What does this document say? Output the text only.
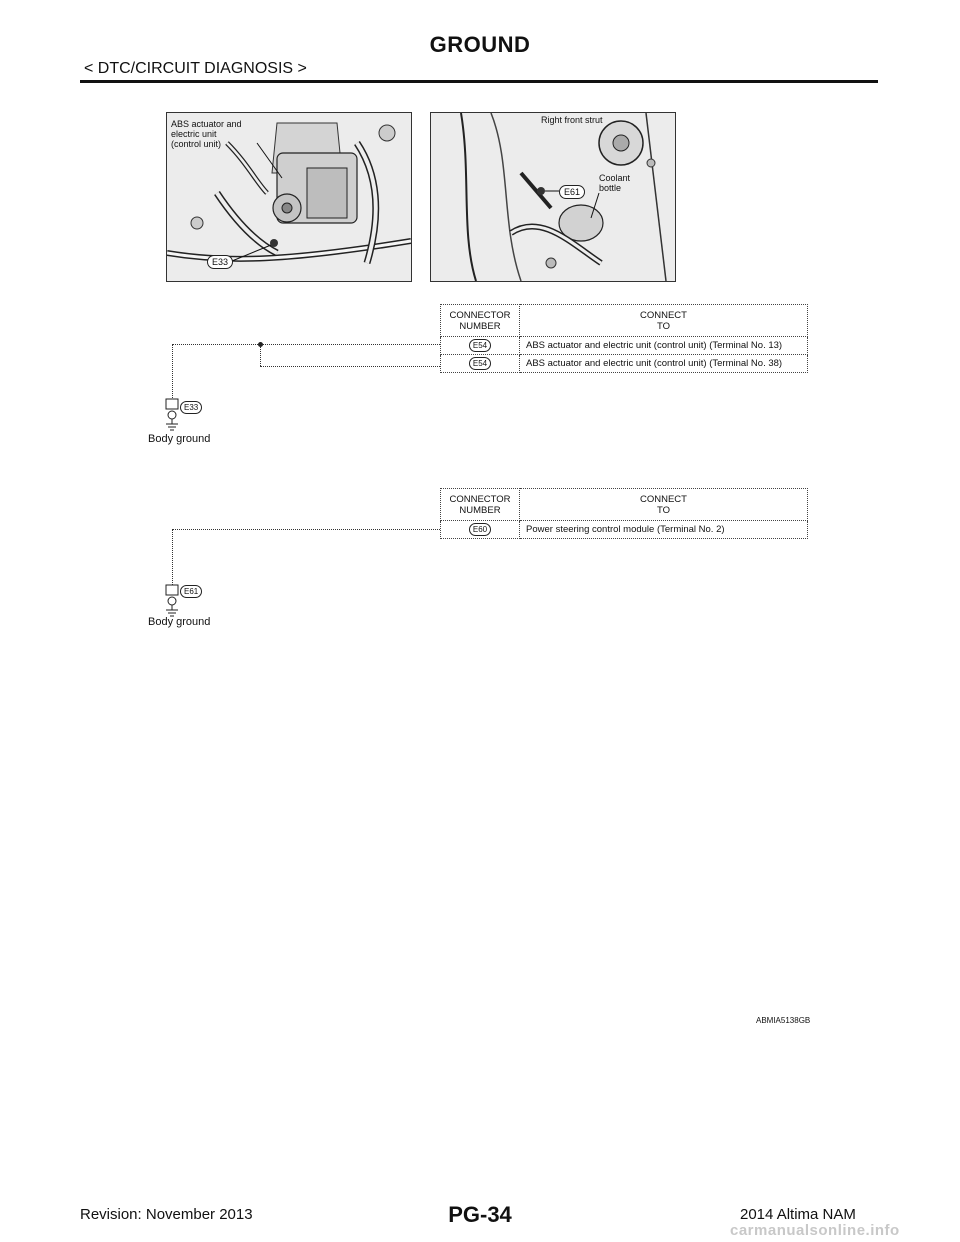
GROUND
< DTC/CIRCUIT DIAGNOSIS >
ABS actuator and
electric unit
(control unit)
E33
Right front strut
Coolant
bottle
E61
CONNECTOR
NUMBER	CONNECT
TO
E54	ABS actuator and electric unit (control unit) (Terminal No. 13)
E54	ABS actuator and electric unit (control unit) (Terminal No. 38)
E33
Body ground
CONNECTOR
NUMBER	CONNECT
TO
E60	Power steering control module (Terminal No. 2)
E61
Body ground
ABMIA5138GB
Revision: November 2013	PG-34	2014 Altima NAM
carmanualsonline.info
